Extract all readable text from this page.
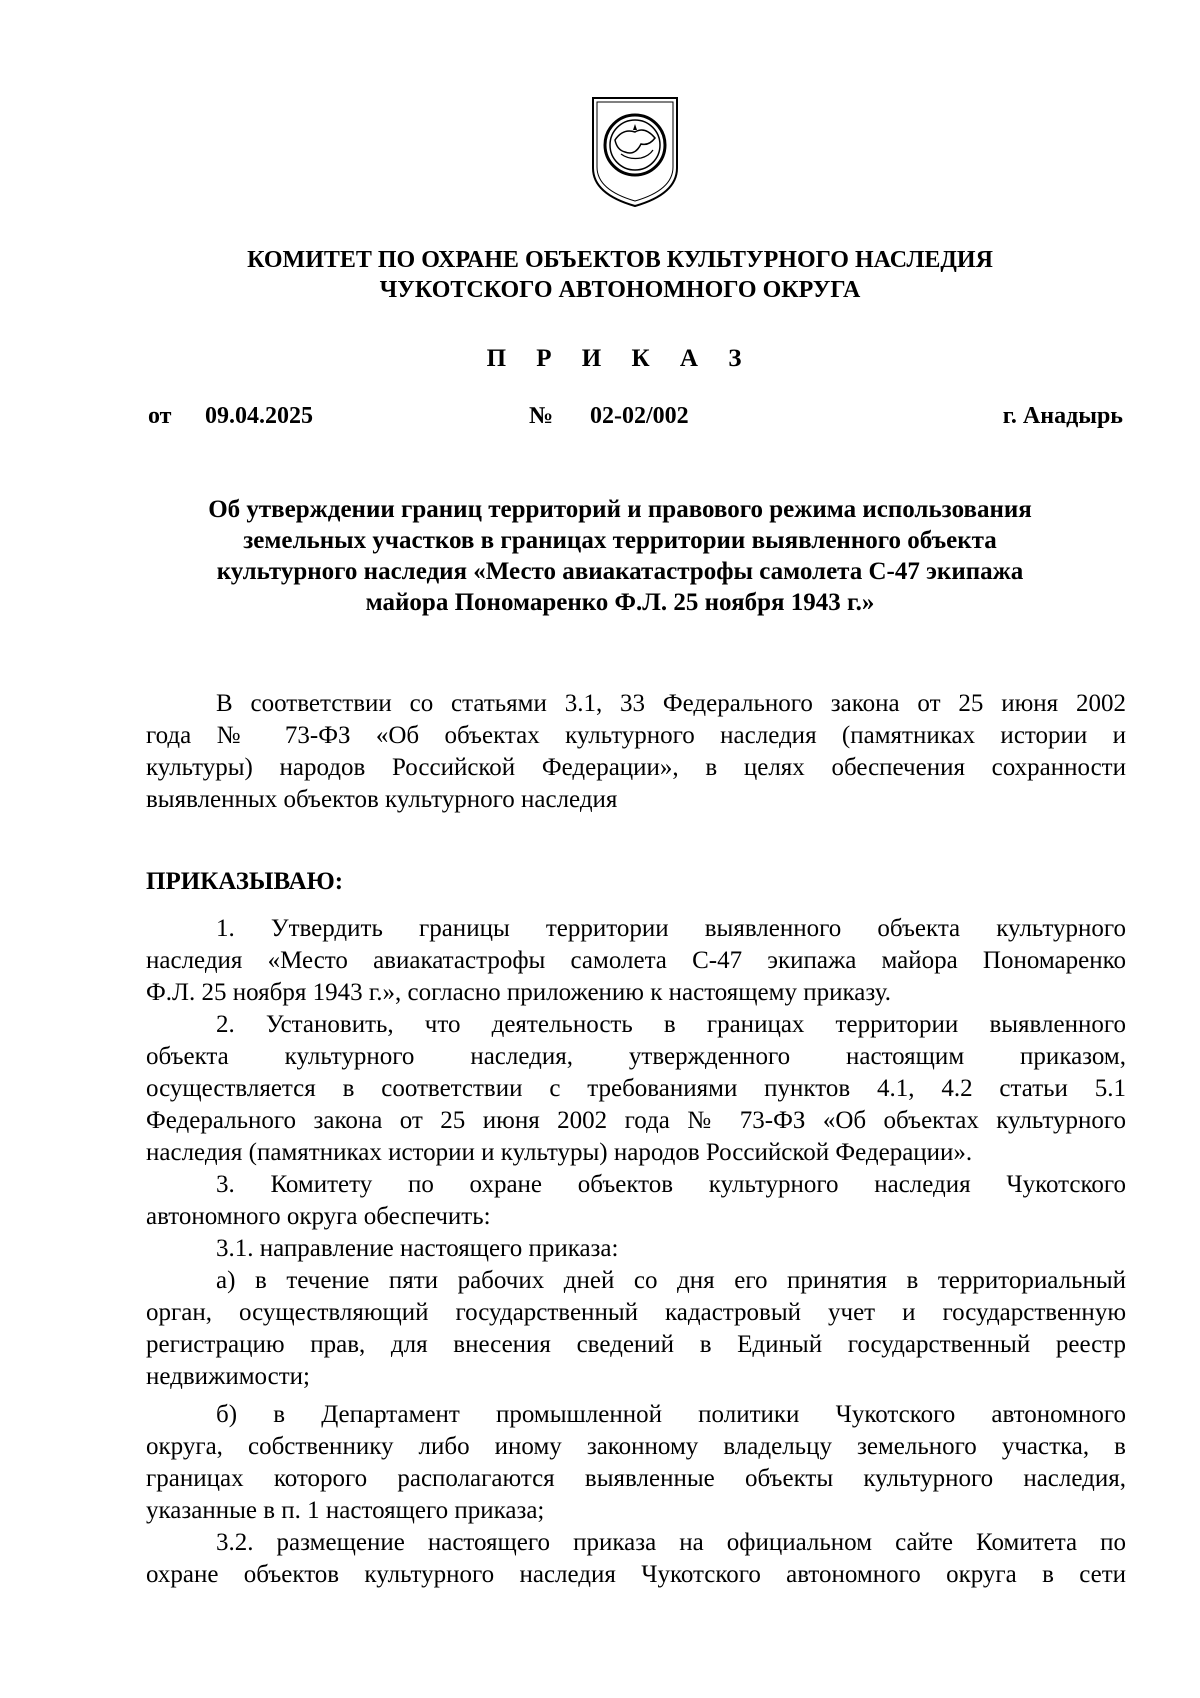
КОМИТЕТ ПО ОХРАНЕ ОБЪЕКТОВ КУЛЬТУРНОГО НАСЛЕДИЯ
ЧУКОТСКОГО АВТОНОМНОГО ОКРУГА
П Р И К А З
от 09.04.2025	№ 02-02/002	г. Анадырь
Об утверждении границ территорий и правового режима использования
земельных участков в границах территории выявленного объекта
культурного наследия «Место авиакатастрофы самолета С-47 экипажа
майора Пономаренко Ф.Л. 25 ноября 1943 г.»
В соответствии со статьями 3.1, 33 Федерального закона от 25 июня 2002
года № 73-ФЗ «Об объектах культурного наследия (памятниках истории и
культуры) народов Российской Федерации», в целях обеспечения сохранности
выявленных объектов культурного наследия
ПРИКАЗЫВАЮ:
1. Утвердить границы территории выявленного объекта культурного
наследия «Место авиакатастрофы самолета С-47 экипажа майора Пономаренко
Ф.Л. 25 ноября 1943 г.», согласно приложению к настоящему приказу.
2. Установить, что деятельность в границах территории выявленного
объекта культурного наследия, утвержденного настоящим приказом,
осуществляется в соответствии с требованиями пунктов 4.1, 4.2 статьи 5.1
Федерального закона от 25 июня 2002 года № 73-ФЗ «Об объектах культурного
наследия (памятниках истории и культуры) народов Российской Федерации».
3. Комитету по охране объектов культурного наследия Чукотского
автономного округа обеспечить:
3.1. направление настоящего приказа:
а) в течение пяти рабочих дней со дня его принятия в территориальный
орган, осуществляющий государственный кадастровый учет и государственную
регистрацию прав, для внесения сведений в Единый государственный реестр
недвижимости;
б) в Департамент промышленной политики Чукотского автономного
округа, собственнику либо иному законному владельцу земельного участка, в
границах которого располагаются выявленные объекты культурного наследия,
указанные в п. 1 настоящего приказа;
3.2. размещение настоящего приказа на официальном сайте Комитета по
охране объектов культурного наследия Чукотского автономного округа в сети
